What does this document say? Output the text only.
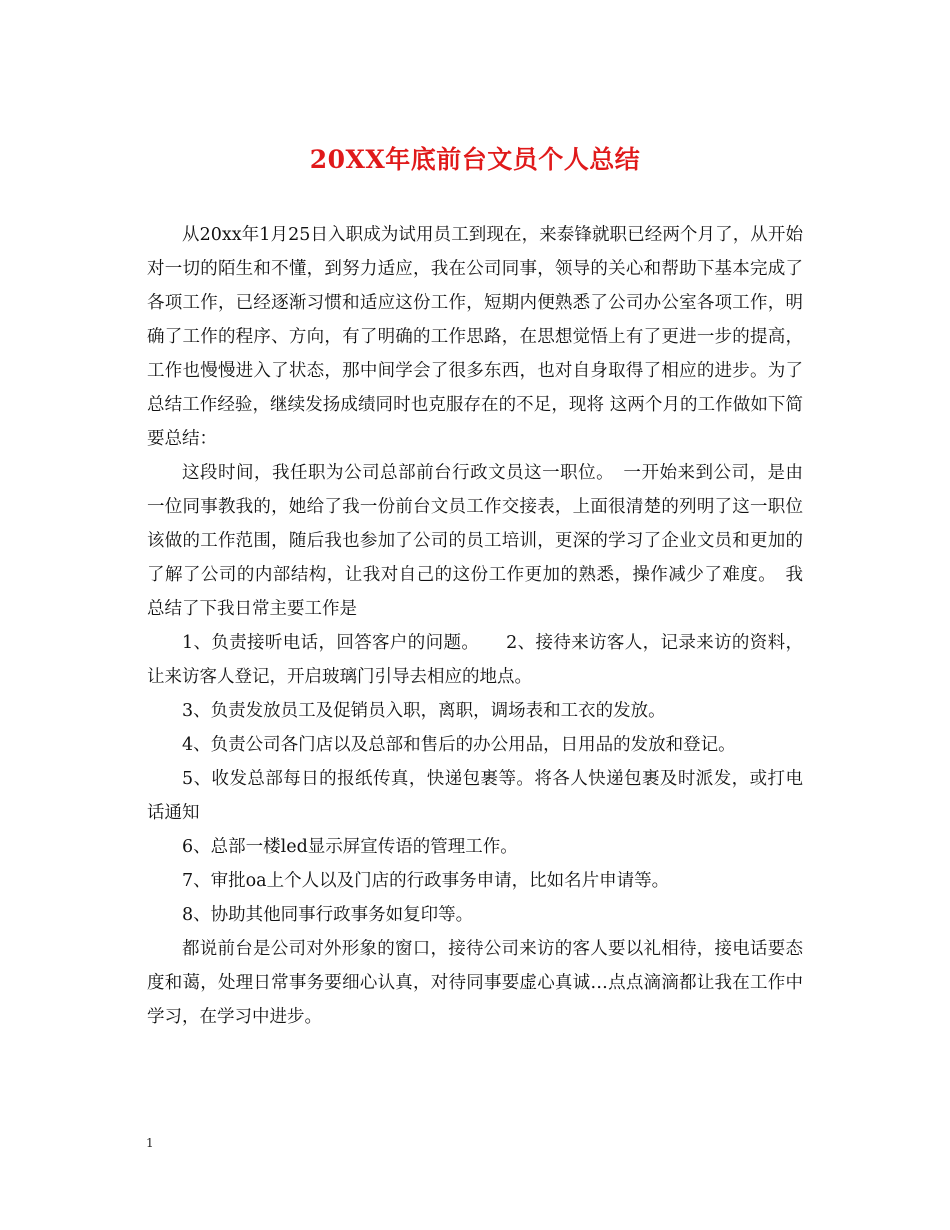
20XX年底前台文员个人总结

从20xx年1月25日入职成为试用员工到现在，来泰锋就职已经两个月了，从开始对一切的陌生和不懂，到努力适应，我在公司同事，领导的关心和帮助下基本完成了各项工作，已经逐渐习惯和适应这份工作，短期内便熟悉了公司办公室各项工作，明确了工作的程序、方向，有了明确的工作思路，在思想觉悟上有了更进一步的提高，工作也慢慢进入了状态，那中间学会了很多东西，也对自身取得了相应的进步。为了总结工作经验，继续发扬成绩同时也克服存在的不足，现将 这两个月的工作做如下简要总结：

这段时间，我任职为公司总部前台行政文员这一职位。　一开始来到公司，是由一位同事教我的，她给了我一份前台文员工作交接表，上面很清楚的列明了这一职位该做的工作范围，随后我也参加了公司的员工培训，更深的学习了企业文员和更加的了解了公司的内部结构，让我对自己的这份工作更加的熟悉，操作减少了难度。　我总结了下我日常主要工作是

1、负责接听电话，回答客户的问题。　　2、接待来访客人，记录来访的资料，让来访客人登记，开启玻璃门引导去相应的地点。

3、负责发放员工及促销员入职，离职，调场表和工衣的发放。

4、负责公司各门店以及总部和售后的办公用品，日用品的发放和登记。

5、收发总部每日的报纸传真，快递包裹等。将各人快递包裹及时派发，或打电话通知

6、总部一楼led显示屏宣传语的管理工作。

7、审批oa上个人以及门店的行政事务申请，比如名片申请等。

8、协助其他同事行政事务如复印等。

都说前台是公司对外形象的窗口，接待公司来访的客人要以礼相待，接电话要态度和蔼，处理日常事务要细心认真，对待同事要虚心真诚…点点滴滴都让我在工作中学习，在学习中进步。

1
